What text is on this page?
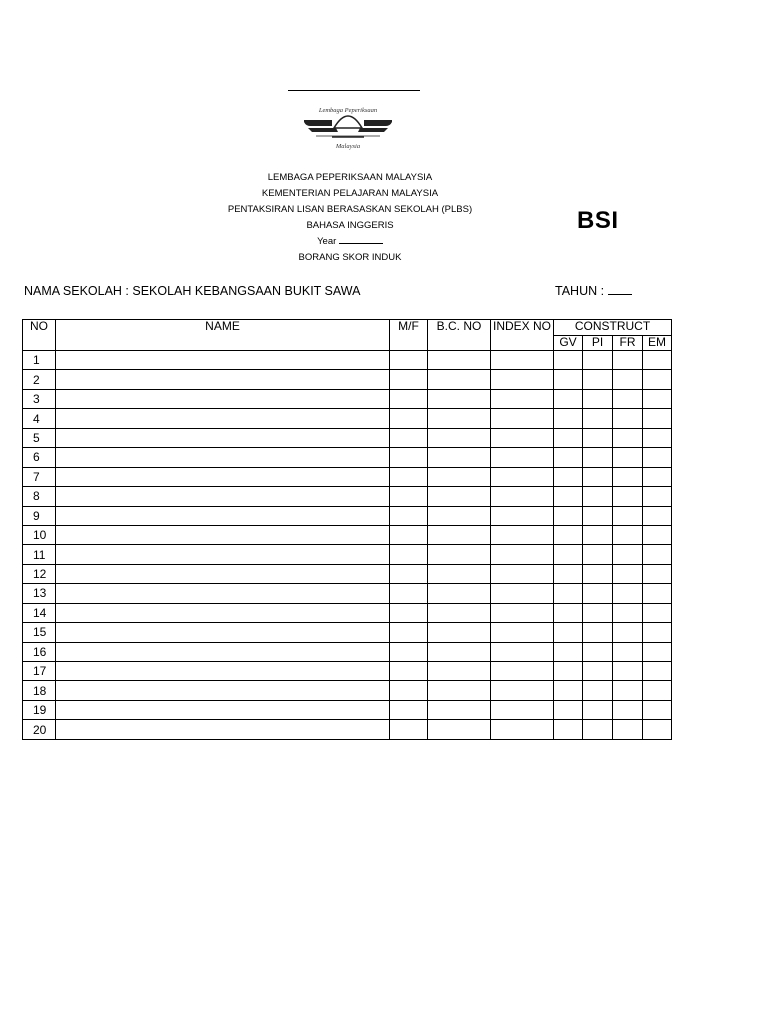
Lembaga Peperiksaan
Malaysia
LEMBAGA PEPERIKSAAN MALAYSIA
KEMENTERIAN PELAJARAN MALAYSIA
PENTAKSIRAN LISAN BERASASKAN SEKOLAH (PLBS)
BAHASA INGGERIS
Year
BORANG SKOR INDUK
BSI
NAMA SEKOLAH : SEKOLAH KEBANGSAAN BUKIT SAWA	TAHUN :
NO	NAME	M/F	B.C. NO	INDEX NO	CONSTRUCT			
					GV	PI	FR	EM
1								
2								
3								
4								
5								
6								
7								
8								
9								
10								
11								
12								
13								
14								
15								
16								
17								
18								
19								
20								
